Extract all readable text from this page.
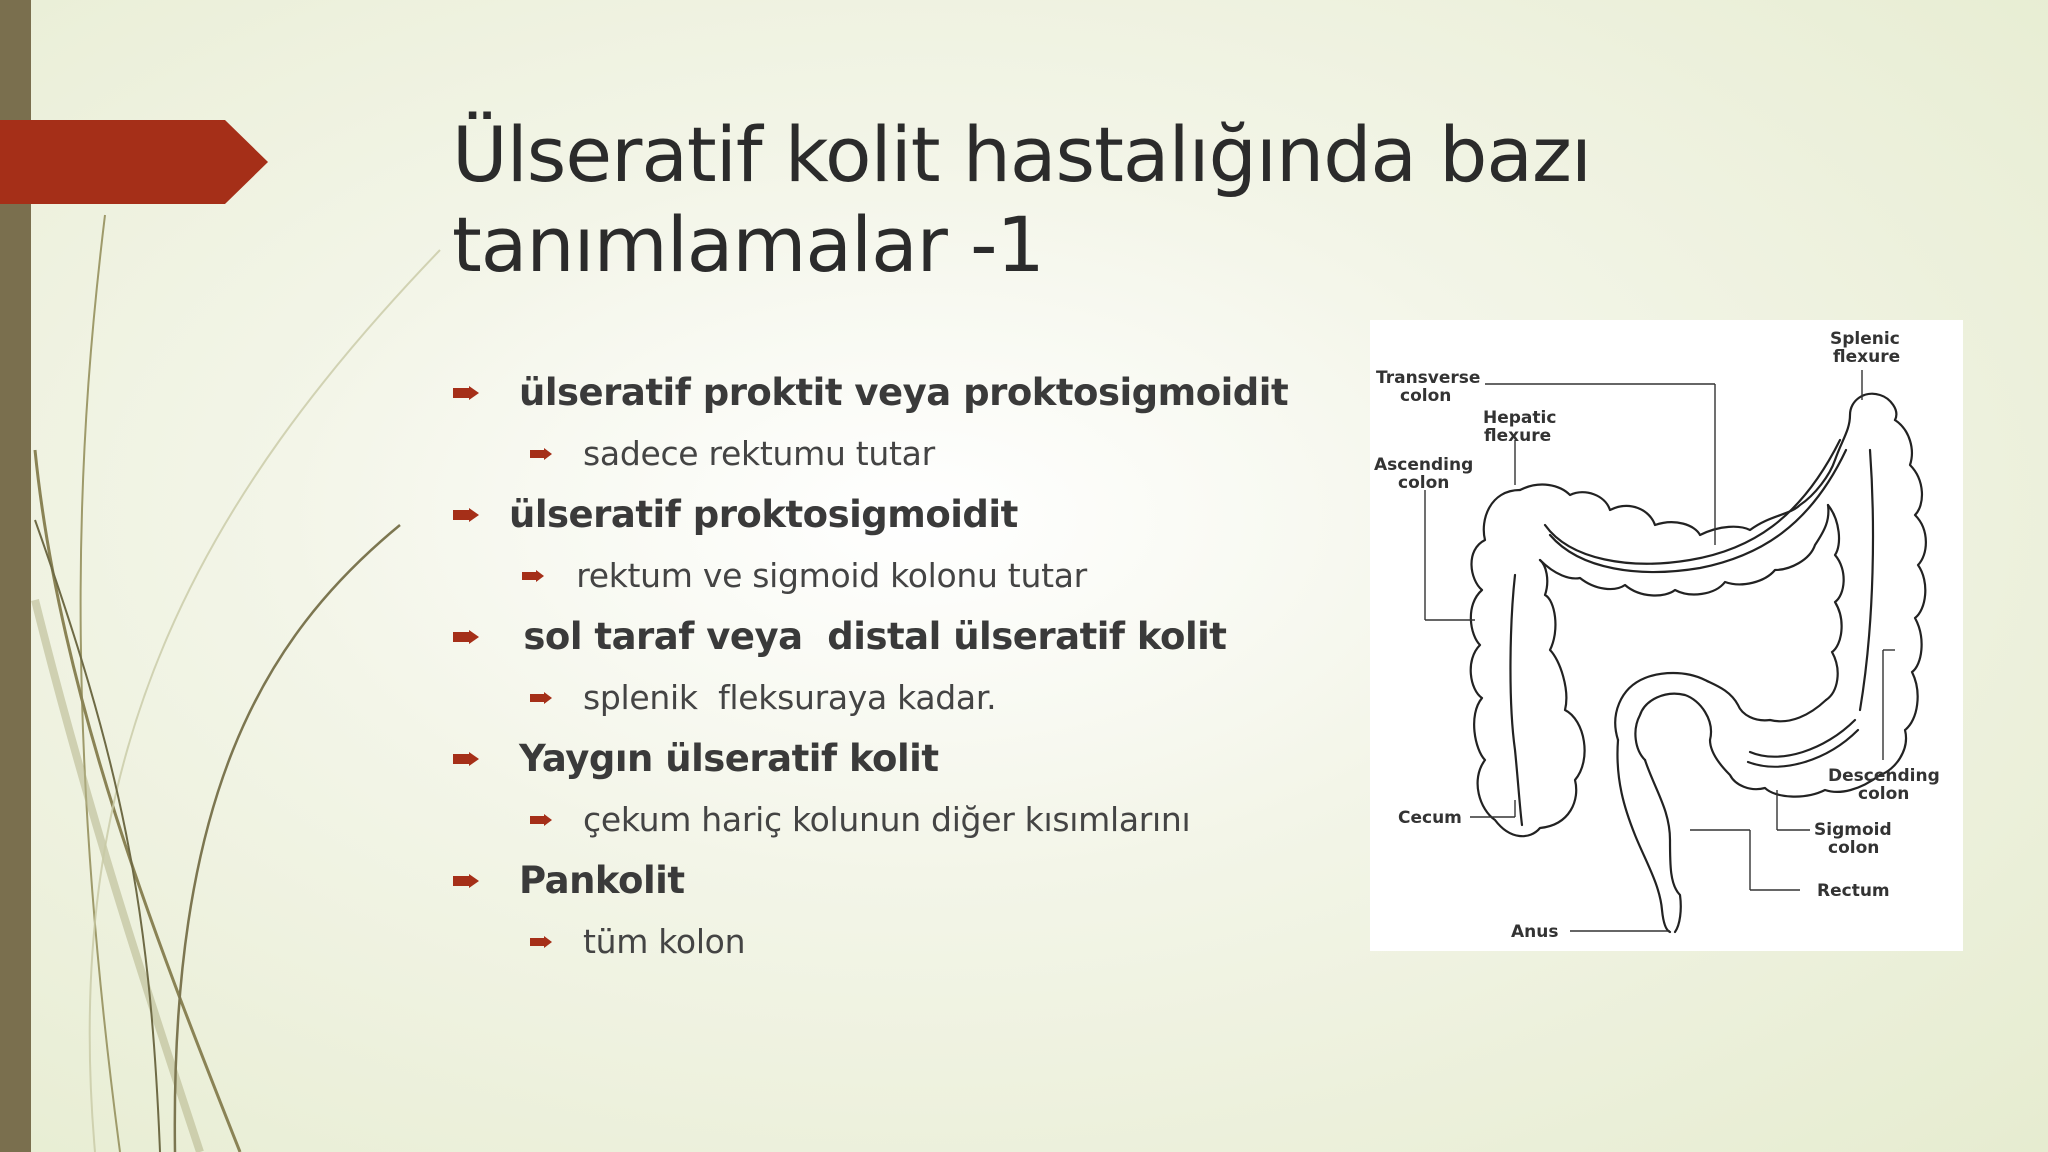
Ülseratif kolit hastalığında bazı
tanımlamalar -1
ülseratif proktit veya proktosigmoidit
sadece rektumu tutar
ülseratif proktosigmoidit
rektum ve sigmoid kolonu tutar
sol taraf veya  distal ülseratif kolit
splenik  fleksuraya kadar.
Yaygın ülseratif kolit
çekum hariç kolunun diğer kısımlarını
Pankolit
tüm kolon
Splenic
flexure
Transverse
colon
Hepatic
flexure
Ascending
colon
Descending
colon
Sigmoid
colon
Cecum
Rectum
Anus
